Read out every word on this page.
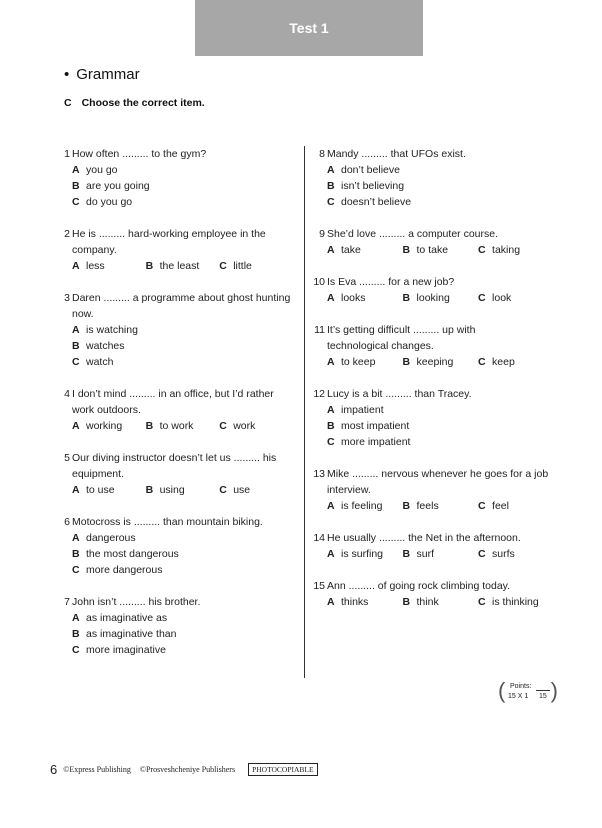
Test 1
• Grammar
C Choose the correct item.
1 How often ......... to the gym?
A you go
B are you going
C do you go
2 He is ......... hard-working employee in the
company.
A less	B the least C little
3 Daren ......... a programme about ghost hunting
now.
A is watching
B watches
C watch
4 I don’t mind ......... in an office, but I’d rather
work outdoors.
A working B to work C work
5 Our diving instructor doesn’t let us ......... his
equipment.
A to use	B using	C use
6 Motocross is ......... than mountain biking.
A dangerous
B the most dangerous
C more dangerous
7 John isn’t ......... his brother.
A as imaginative as
B as imaginative than
C more imaginative
8 Mandy ......... that UFOs exist.
A don’t believe
B isn’t believing
C doesn’t believe
9 She’d love ......... a computer course.
A take	B to take	C taking
10 Is Eva ......... for a new job?
A looks	B looking	C look
11 It’s getting difficult ......... up with
technological changes.
A to keep	B keeping C keep
12 Lucy is a bit ......... than Tracey.
A impatient
B most impatient
C more impatient
13 Mike ......... nervous whenever he goes for a job
interview.
A is feeling B feels	C feel
14 He usually ......... the Net in the afternoon.
A is surfing B surf	C surfs
15 Ann ......... of going rock climbing today.
A thinks	B think	C is thinking
( Points:
15 X 1 15 )
6 ©Express Publishing ©Prosveshcheniye Publishers	PHOTOCOPIABLE
